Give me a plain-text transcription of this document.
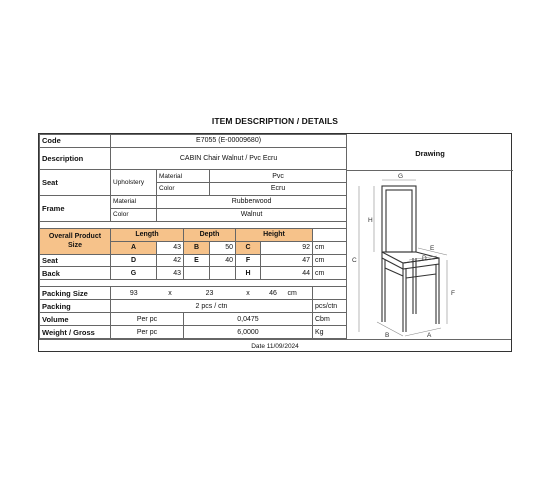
ITEM DESCRIPTION / DETAILS
Code	E7055 (E-00009680)							
Description	CABIN Chair Walnut / Pvc Ecru							
Seat	Upholstery	Material		Pvc				
		Color		Ecru				
Frame	Material	Rubberwood						
	Color	Walnut						

Overall Product
Size	Length		Depth		Height			
	A	43	B	50	C	92		cm
Seat	D	42	E	40	F	47		cm
Back	G	43			H	44		cm

Packing Size	93	x	23		x	46	cm	
Packing	2 pcs / ctn							pcs/ctn
Volume	Per pc		0,0475					Cbm
Weight / Gross	Per pc		6,0000					Kg
Drawing
G
H
C
E
D
F
B	A
Date 11/09/2024
